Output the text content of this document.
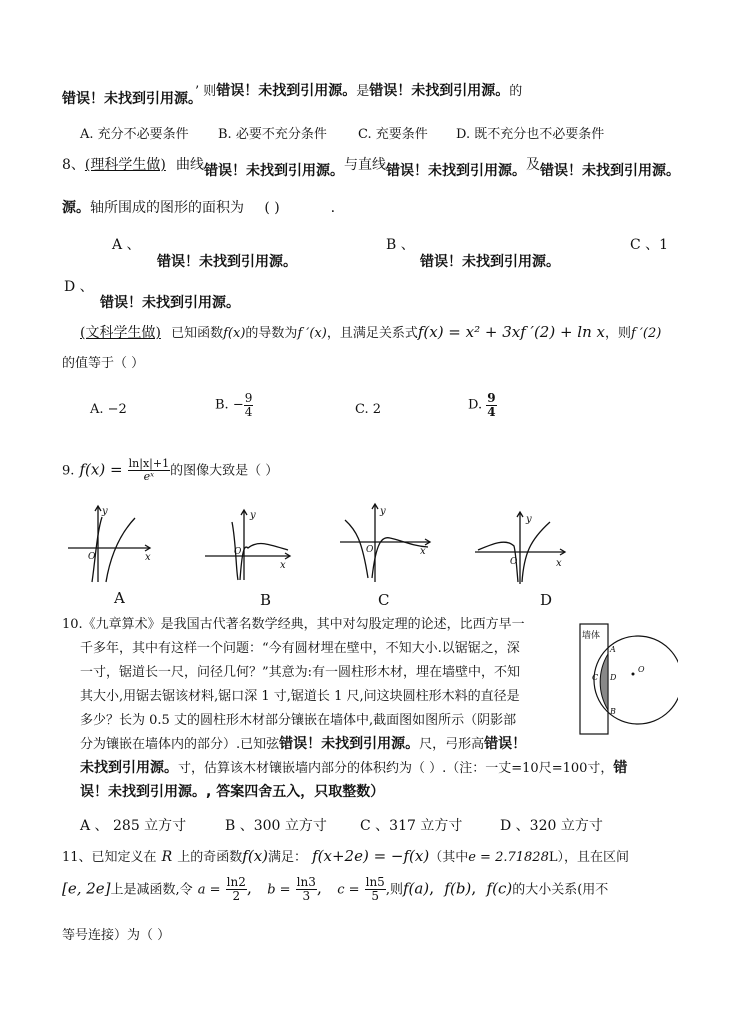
错误！未找到引用源。’ 则错误！未找到引用源。是错误！未找到引用源。的
A. 充分不必要条件 B. 必要不充分条件 C. 充要条件 D. 既不充分也不必要条件
8、(理科学生做) 曲线错误！未找到引用源。与直线错误！未找到引用源。及错误！未找到引用源。
源。轴所围成的图形的面积为 ( )	.
A 、
错误！未找到引用源。
B 、
错误！未找到引用源。
C 、1
D 、
错误！未找到引用源。
(文科学生做) 已知函数f(x)的导数为f ′(x)，且满足关系式f(x) = x² + 3xf ′(2) + ln x，则f ′(2)
的值等于（ ）
A. −2	B. − $\frac{9}{4}$	C. 2	D. $\frac{9}{4}$
9. $f(x) = \frac{\ln|x|+1}{\text{eˣ}}$ 的图像大致是（ ）
y
x
O
y
x
O
y
x
O
y
x
O
A	B	C	D
10.《九章算术》是我国古代著名数学经典，其中对勾股定理的论述，比西方早一
千多年，其中有这样一个问题：“今有圆材埋在壁中，不知大小.以锯锯之，深
一寸，锯道长一尺，问径几何？”其意为:有一圆柱形木材，埋在墙壁中，不知
其大小,用锯去锯该材料,锯口深 1 寸,锯道长 1 尺,问这块圆柱形木料的直径是
多少？长为 0.5 丈的圆柱形木材部分镶嵌在墙体中,截面图如图所示（阴影部
分为镶嵌在墙体内的部分）.已知弦错误！未找到引用源。尺，弓形高错误！
未找到引用源。寸，估算该木材镶嵌墙内部分的体积约为（ ）.（注：一丈=10尺=100寸，错
误！未找到引用源。, 答案四舍五入，只取整数）
墙体
A
C D
B
O
A 、 285 立方寸	B 、300 立方寸 C 、317 立方寸	D 、320 立方寸
11、已知定义在 R 上的奇函数f(x)满足： f(x+2e) = −f(x)（其中e = 2.71828L），且在区间
[e, 2e]上是减函数,令 $a = \frac{\ln 2}{2}$ ,   $b = \frac{\ln 3}{3}$ ,   $c = \frac{\ln 5}{5}$ ,则f(a),  f(b),  f(c)的大小关系(用不
等号连接）为（ ）
